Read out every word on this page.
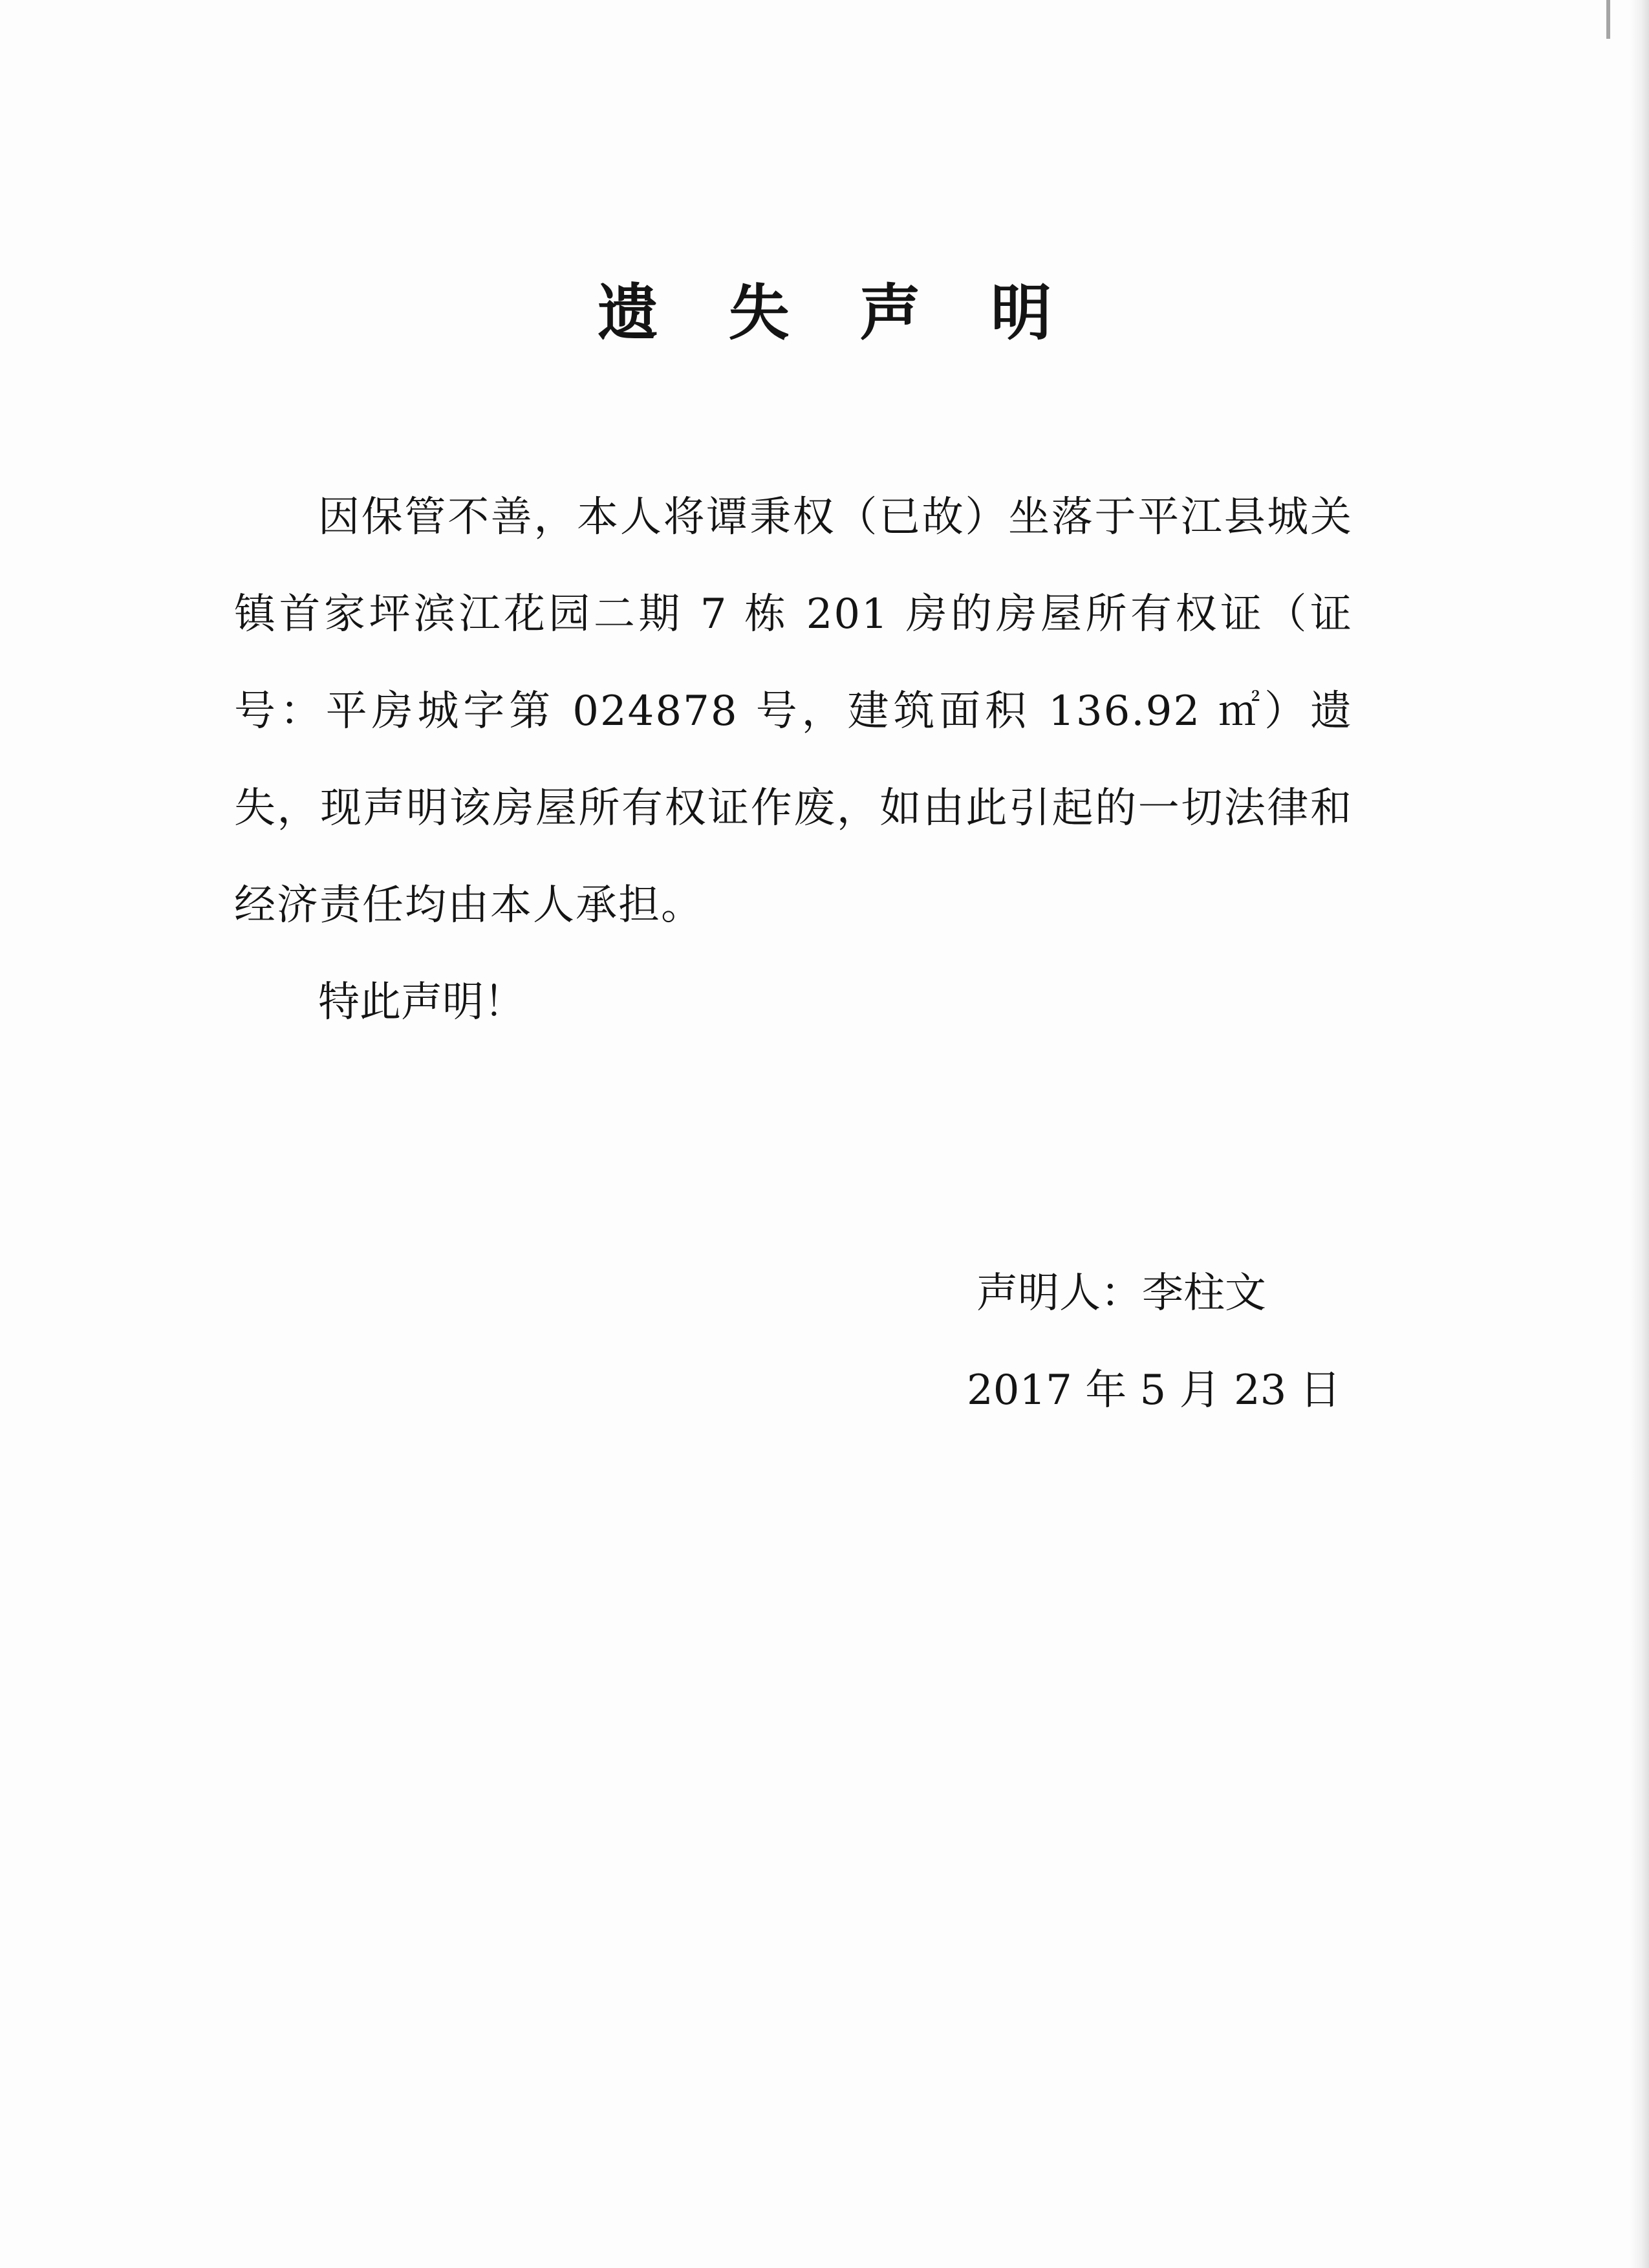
遗 失 声 明

因保管不善，本人将谭秉权（已故）坐落于平江县城关镇首家坪滨江花园二期 7 栋 201 房的房屋所有权证（证号：平房城字第 024878 号，建筑面积 136.92 ㎡）遗失，现声明该房屋所有权证作废，如由此引起的一切法律和经济责任均由本人承担。

特此声明！

声明人：李柱文
2017 年 5 月 23 日
